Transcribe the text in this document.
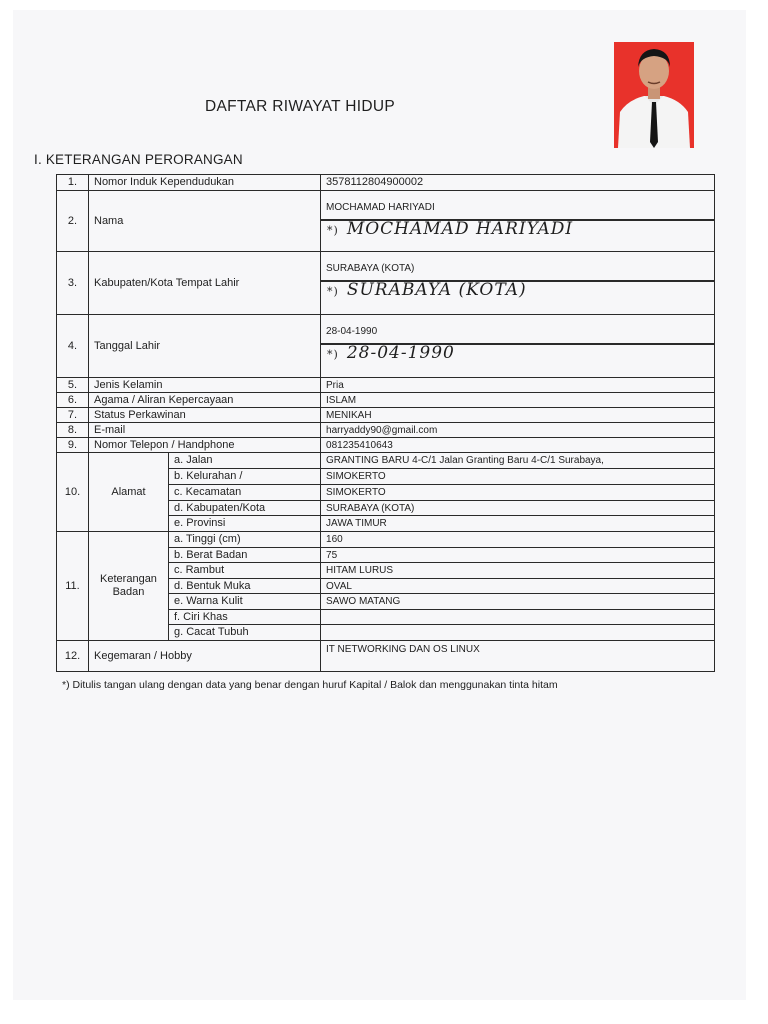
DAFTAR RIWAYAT HIDUP
I. KETERANGAN PERORANGAN
1.	Nomor Induk Kependudukan		3578112804900002
2.	Nama		MOCHAMAD HARIYADI
*) MOCHAMAD HARIYADI

3.	Kabupaten/Kota Tempat Lahir		SURABAYA (KOTA)
*) SURABAYA (KOTA)

4.	Tanggal Lahir		28-04-1990
*) 28-04-1990

5.	Jenis Kelamin		Pria
6.	Agama / Aliran Kepercayaan		ISLAM
7.	Status Perkawinan		MENIKAH
8.	E-mail		harryaddy90@gmail.com
9.	Nomor Telepon / Handphone		081235410643
10.	Alamat	a. Jalan	GRANTING BARU 4-C/1 Jalan Granting Baru 4-C/1 Surabaya,
		b. Kelurahan /	SIMOKERTO
		c. Kecamatan	SIMOKERTO
		d. Kabupaten/Kota	SURABAYA (KOTA)
		e. Provinsi	JAWA TIMUR
11.	Keterangan Badan	a. Tinggi (cm)	160
		b. Berat Badan	75
		c. Rambut	HITAM LURUS
		d. Bentuk Muka	OVAL
		e. Warna Kulit	SAWO MATANG
		f. Ciri Khas	
		g. Cacat Tubuh	
12.	Kegemaran / Hobby		IT NETWORKING DAN OS LINUX
*) Ditulis tangan ulang dengan data yang benar dengan huruf Kapital / Balok dan menggunakan tinta hitam
